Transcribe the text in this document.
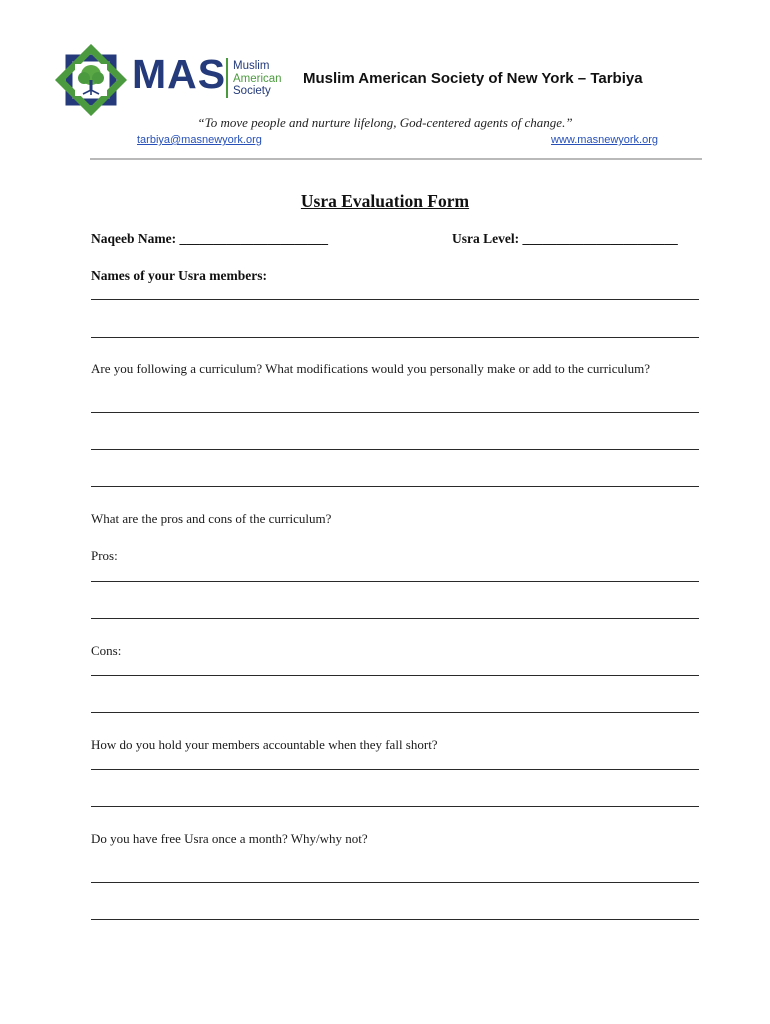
MAS Muslim
American
Society
Muslim American Society of New York – Tarbiya
“To move people and nurture lifelong, God-centered agents of change.”
tarbiya@masnewyork.org	www.masnewyork.org
Usra Evaluation Form
Naqeeb Name: ______________________	Usra Level: _______________________
Names of your Usra members:
Are you following a curriculum? What modifications would you personally make or add to the curriculum?
What are the pros and cons of the curriculum?
Pros:
Cons:
How do you hold your members accountable when they fall short?
Do you have free Usra once a month? Why/why not?
